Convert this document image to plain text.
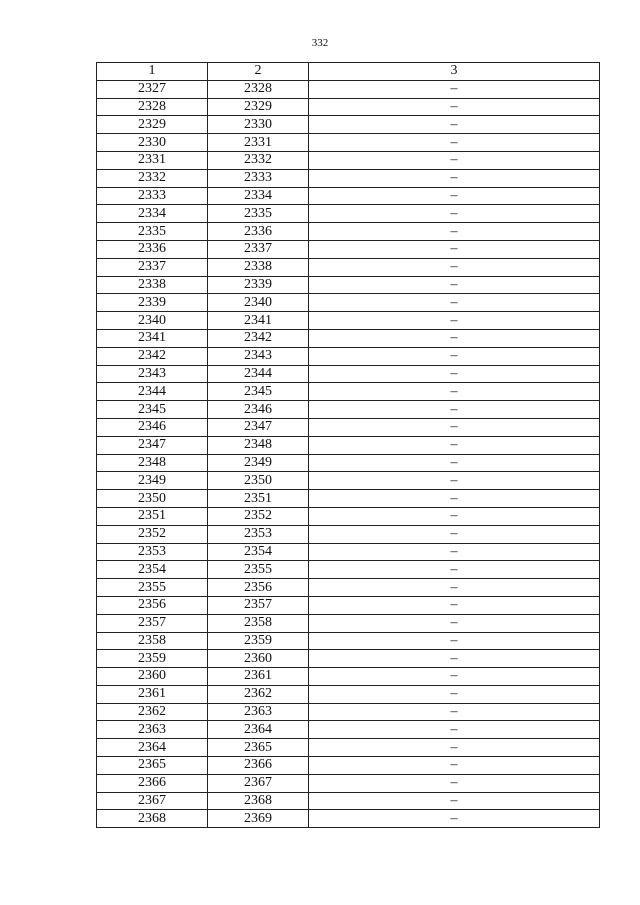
332
1	2	3
2327	2328	–
2328	2329	–
2329	2330	–
2330	2331	–
2331	2332	–
2332	2333	–
2333	2334	–
2334	2335	–
2335	2336	–
2336	2337	–
2337	2338	–
2338	2339	–
2339	2340	–
2340	2341	–
2341	2342	–
2342	2343	–
2343	2344	–
2344	2345	–
2345	2346	–
2346	2347	–
2347	2348	–
2348	2349	–
2349	2350	–
2350	2351	–
2351	2352	–
2352	2353	–
2353	2354	–
2354	2355	–
2355	2356	–
2356	2357	–
2357	2358	–
2358	2359	–
2359	2360	–
2360	2361	–
2361	2362	–
2362	2363	–
2363	2364	–
2364	2365	–
2365	2366	–
2366	2367	–
2367	2368	–
2368	2369	–
